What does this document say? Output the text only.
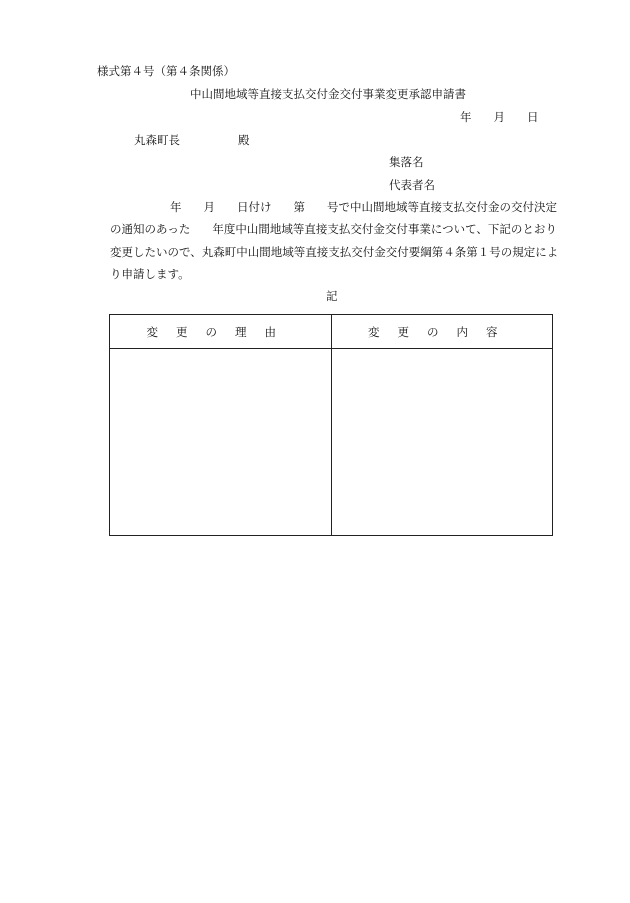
様式第４号（第４条関係）
中山間地域等直接支払交付金交付事業変更承認申請書
年 月 日
丸森町長	殿
集落名
代表者名
年 月 日付け 第 号で中山間地域等直接支払交付金の交付決定
の通知のあった 年度中山間地域等直接支払交付金交付事業について、下記のとおり
変更したいので、丸森町中山間地域等直接支払交付金交付要綱第４条第１号の規定によ
り申請します。
記
変更の理由	変更の内容
